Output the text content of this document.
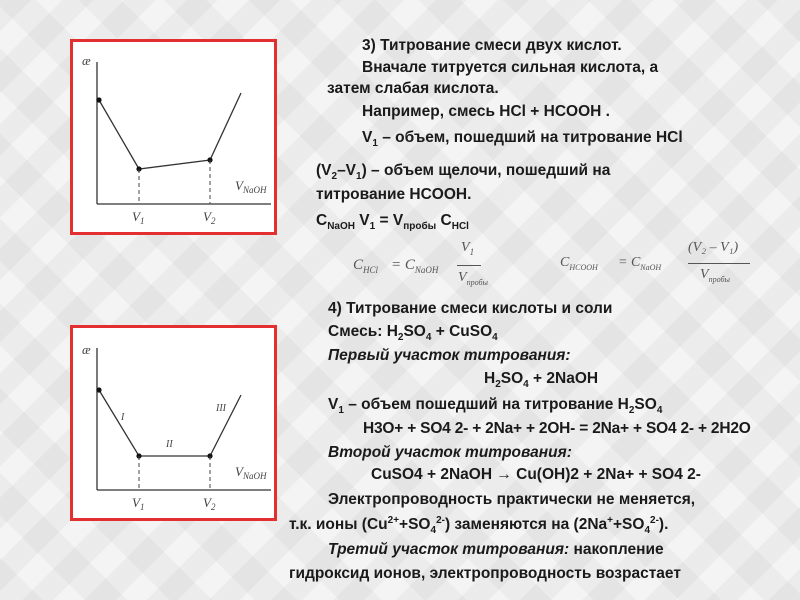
æ
$V_{NaOH}$
$V_1$	$V_2$
æ
I
II
III
$V_{NaOH}$
$V_1$	$V_2$
3) Титрование смеси двух кислот.
Вначале титруется сильная кислота, а
затем слабая кислота.
Например, смесь HCl + HCOOH .
$V_1$ – объем, пошедший на титрование HCl
$(V_2-V_1)$ – объем щелочи, пошедший на
титрование HCOOH.
$C_{NaOH}$ $V_1 = V_{пробы}$ $C_{HCl}$
$C_{HCl} = C_{NaOH}$
$V_1$
$V_{пробы}$
$C_{HCOOH} = C_{NaOH}$
(V₂ – V₁)
$V_{пробы}$
4) Титрование смеси кислоты и соли
Смесь: $H_2SO_4$ + CuSO$_4$
Первый участок титрования:
$H_2SO_4$ + 2NaOH
$V_1$ – объем пошедший на титрование $H_2SO_4$
H3O+ + SO4 2- + 2Na+ + 2OH- = 2Na+ + SO4 2- + 2H2O
Второй участок титрования:
CuSO4 + 2NaOH → Cu(OH)2 + 2Na+ + SO4 2-
Электропроводность практически не меняется,
т.к. ионы $(Cu^{2+}+SO_4^{2-})$ заменяются на $(2Na^++SO_4^{2-})$.
Третий участок титрования: накопление
гидроксид ионов, электропроводность возрастает
